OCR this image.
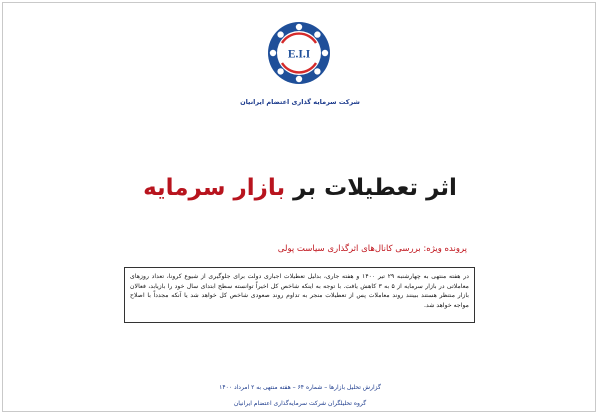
E.I.I
شرکت سرمایه گذاری اعتضام ایرانیان
اثر تعطیلات بر بازار سرمایه
پرونده ویژه: بررسی کانال‌های اثرگذاری سیاست پولی
در هفته منتهی به چهارشنبه ۲۹ تیر ۱۴۰۰ و هفته جاری، بدلیل تعطیلات اجباری دولت برای جلوگیری از شیوع کرونا، تعداد روزهای معاملاتی در بازار سرمایه از ۵ به ۳ کاهش یافت. با توجه به اینکه شاخص کل اخیراً توانسته سطح ابتدای سال خود را بازیابد، فعالان بازار منتظر هستند ببینند روند معاملات پس از تعطیلات منجر به تداوم روند صعودی شاخص کل خواهد شد یا آنکه مجدداً با اصلاح مواجه خواهد شد.
گزارش تحلیل بازارها – شماره ۶۴ – هفته منتهی به ۲ امرداد ۱۴۰۰
گروه تحلیلگران شرکت سرمایه‌گذاری اعتضام ایرانیان
